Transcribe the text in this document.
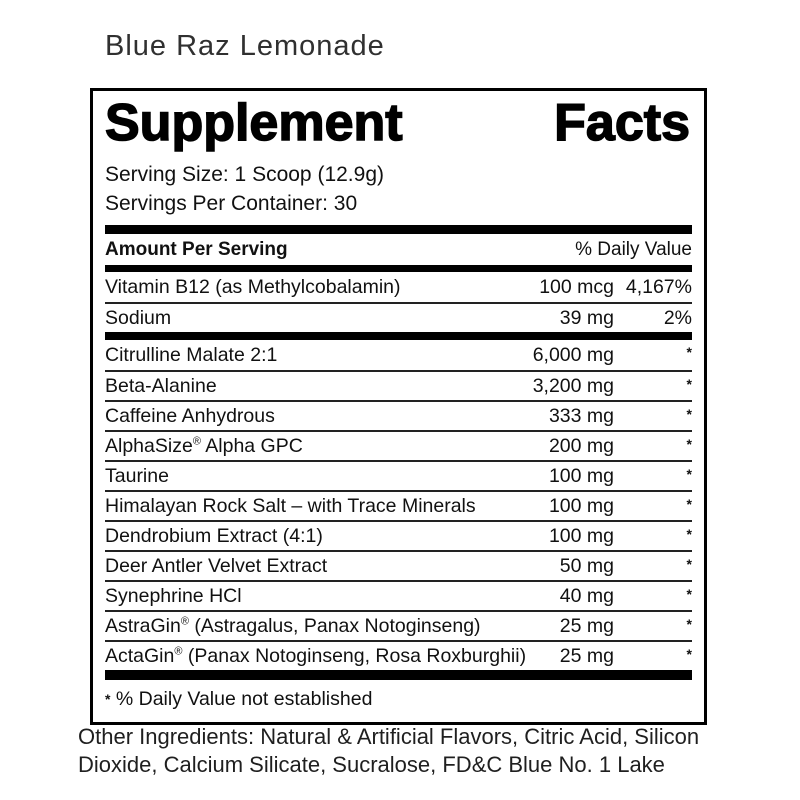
Blue Raz Lemonade
Supplement	Facts
Serving Size: 1 Scoop (12.9g)
Servings Per Container: 30
Amount Per Serving	% Daily Value
Vitamin B12 (as Methylcobalamin)	100 mcg 4,167%
Sodium	39 mg	2%
Citrulline Malate 2:1	6,000 mg	*
Beta-Alanine	3,200 mg	*
Caffeine Anhydrous	333 mg	*
AlphaSize® Alpha GPC	200 mg	*
Taurine	100 mg	*
Himalayan Rock Salt – with Trace Minerals	100 mg	*
Dendrobium Extract (4:1)	100 mg	*
Deer Antler Velvet Extract	50 mg	*
Synephrine HCl	40 mg	*
AstraGin® (Astragalus, Panax Notoginseng)	25 mg	*
ActaGin® (Panax Notoginseng, Rosa Roxburghii)	25 mg	*
* % Daily Value not established

Other Ingredients: Natural & Artificial Flavors, Citric Acid, Silicon Dioxide, Calcium Silicate, Sucralose, FD&C Blue No. 1 Lake
